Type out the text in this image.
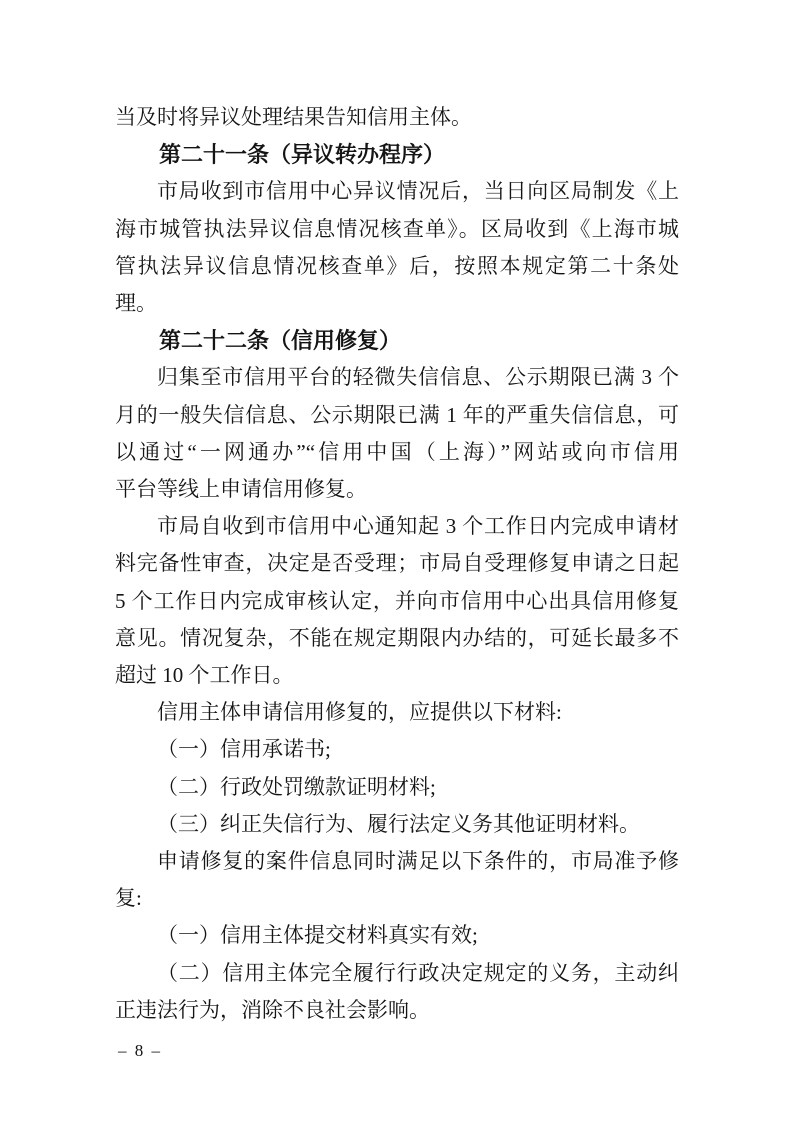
当及时将异议处理结果告知信用主体。
第二十一条（异议转办程序）
市局收到市信用中心异议情况后，当日向区局制发《上
海市城管执法异议信息情况核查单》。区局收到《上海市城
管执法异议信息情况核查单》后，按照本规定第二十条处理。
第二十二条（信用修复）
归集至市信用平台的轻微失信信息、公示期限已满 3 个
月的一般失信信息、公示期限已满 1 年的严重失信信息，可
以通过“一网通办”“信用中国（上海）”网站或向市信用
平台等线上申请信用修复。
市局自收到市信用中心通知起 3 个工作日内完成申请材
料完备性审查，决定是否受理；市局自受理修复申请之日起
5 个工作日内完成审核认定，并向市信用中心出具信用修复
意见。情况复杂，不能在规定期限内办结的，可延长最多不
超过 10 个工作日。
信用主体申请信用修复的，应提供以下材料:
（一）信用承诺书;
（二）行政处罚缴款证明材料;
（三）纠正失信行为、履行法定义务其他证明材料。
申请修复的案件信息同时满足以下条件的，市局准予修
复:
（一）信用主体提交材料真实有效;
（二）信用主体完全履行行政决定规定的义务，主动纠
正违法行为，消除不良社会影响。
– 8 –
